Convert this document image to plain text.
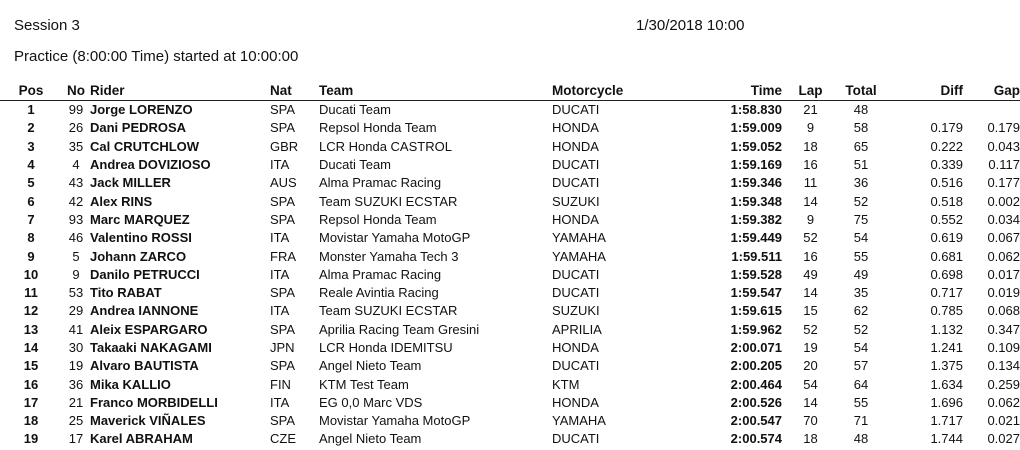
Session 3	1/30/2018 10:00
Practice (8:00:00 Time) started at 10:00:00
Pos	No	Rider	Nat	Team	Motorcycle	Time	Lap	Total	Diff	Gap
1	99	Jorge LORENZO	SPA	Ducati Team	DUCATI	1:58.830	21	48		
2	26	Dani PEDROSA	SPA	Repsol Honda Team	HONDA	1:59.009	9	58	0.179	0.179
3	35	Cal CRUTCHLOW	GBR	LCR Honda CASTROL	HONDA	1:59.052	18	65	0.222	0.043
4	4	Andrea DOVIZIOSO	ITA	Ducati Team	DUCATI	1:59.169	16	51	0.339	0.117
5	43	Jack MILLER	AUS	Alma Pramac Racing	DUCATI	1:59.346	11	36	0.516	0.177
6	42	Alex RINS	SPA	Team SUZUKI ECSTAR	SUZUKI	1:59.348	14	52	0.518	0.002
7	93	Marc MARQUEZ	SPA	Repsol Honda Team	HONDA	1:59.382	9	75	0.552	0.034
8	46	Valentino ROSSI	ITA	Movistar Yamaha MotoGP	YAMAHA	1:59.449	52	54	0.619	0.067
9	5	Johann ZARCO	FRA	Monster Yamaha Tech 3	YAMAHA	1:59.511	16	55	0.681	0.062
10	9	Danilo PETRUCCI	ITA	Alma Pramac Racing	DUCATI	1:59.528	49	49	0.698	0.017
11	53	Tito RABAT	SPA	Reale Avintia Racing	DUCATI	1:59.547	14	35	0.717	0.019
12	29	Andrea IANNONE	ITA	Team SUZUKI ECSTAR	SUZUKI	1:59.615	15	62	0.785	0.068
13	41	Aleix ESPARGARO	SPA	Aprilia Racing Team Gresini	APRILIA	1:59.962	52	52	1.132	0.347
14	30	Takaaki NAKAGAMI	JPN	LCR Honda IDEMITSU	HONDA	2:00.071	19	54	1.241	0.109
15	19	Alvaro BAUTISTA	SPA	Angel Nieto Team	DUCATI	2:00.205	20	57	1.375	0.134
16	36	Mika KALLIO	FIN	KTM Test Team	KTM	2:00.464	54	64	1.634	0.259
17	21	Franco MORBIDELLI	ITA	EG 0,0 Marc VDS	HONDA	2:00.526	14	55	1.696	0.062
18	25	Maverick VIÑALES	SPA	Movistar Yamaha MotoGP	YAMAHA	2:00.547	70	71	1.717	0.021
19	17	Karel ABRAHAM	CZE	Angel Nieto Team	DUCATI	2:00.574	18	48	1.744	0.027
